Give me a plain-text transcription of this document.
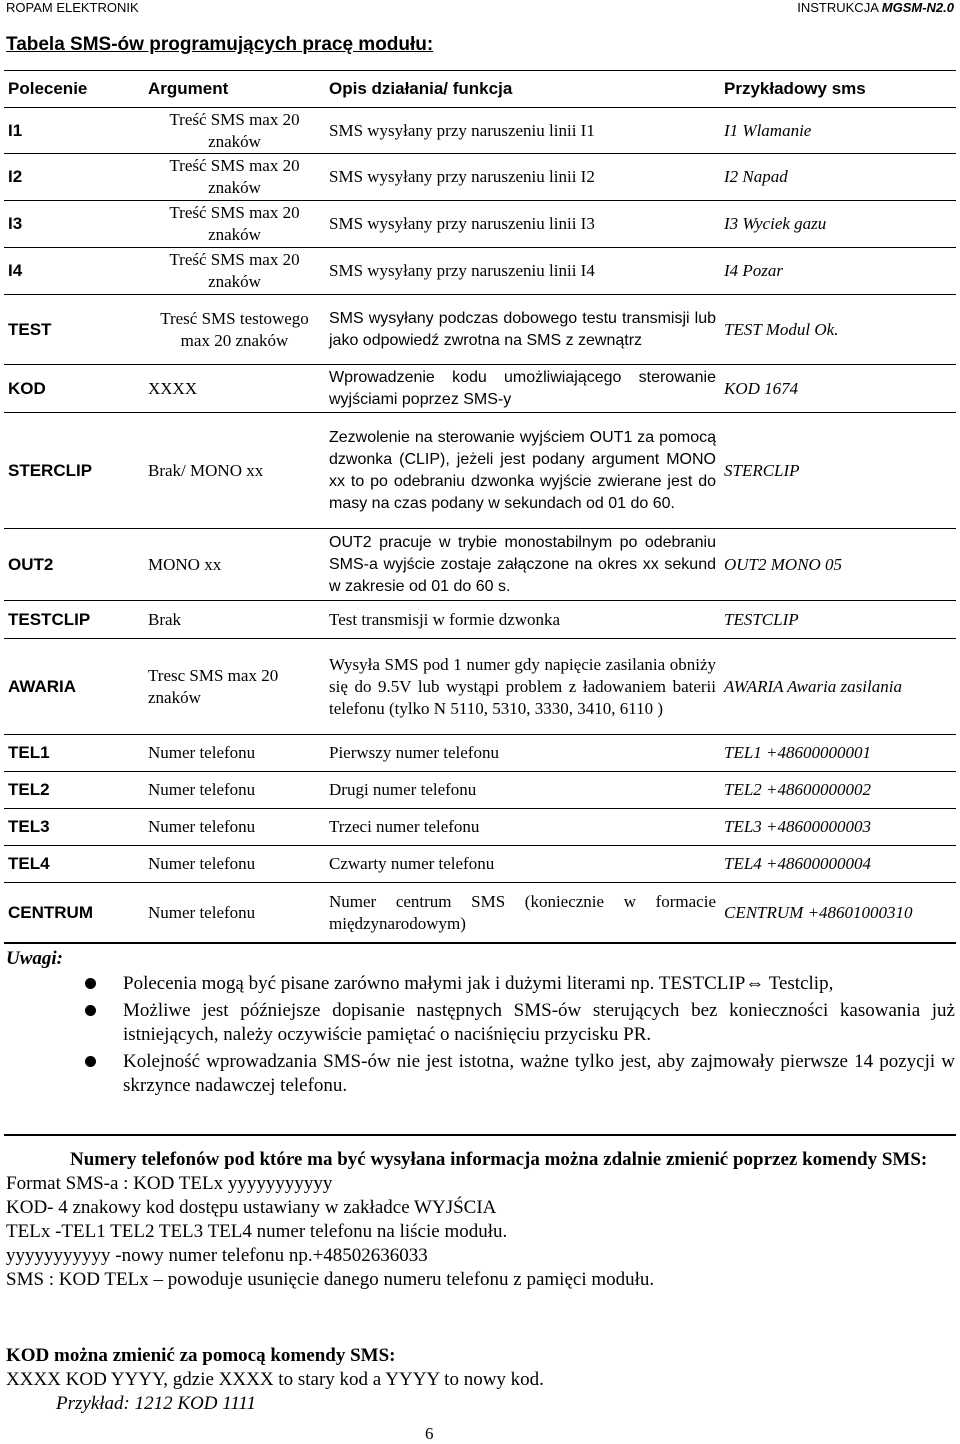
ROPAM ELEKTRONIK	INSTRUKCJA MGSM-N2.0
Tabela SMS-ów programujących pracę modułu:
Polecenie	Argument	Opis działania/ funkcja	Przykładowy sms
I1	Treść SMS max 20 znaków	SMS wysyłany przy naruszeniu linii I1	I1 Wlamanie
I2	Treść SMS max 20 znaków	SMS wysyłany przy naruszeniu linii I2	I2 Napad
I3	Treść SMS max 20 znaków	SMS wysyłany przy naruszeniu linii I3	I3 Wyciek gazu
I4	Treść SMS max 20 znaków	SMS wysyłany przy naruszeniu linii I4	I4 Pozar
TEST	Tresć SMS testowego max 20 znaków	SMS wysyłany podczas dobowego testu transmisji lub jako odpowiedź zwrotna na SMS z zewnątrz	TEST Modul Ok.
KOD	XXXX	Wprowadzenie kodu umożliwiającego sterowanie wyjściami poprzez SMS-y	KOD 1674
STERCLIP	Brak/ MONO xx	Zezwolenie na sterowanie wyjściem OUT1 za pomocą dzwonka (CLIP), jeżeli jest podany argument MONO xx to po odebraniu dzwonka wyjście zwierane jest do masy na czas podany w sekundach od 01 do 60.	STERCLIP
OUT2	MONO xx	OUT2 pracuje w trybie monostabilnym po odebraniu SMS-a wyjście zostaje załączone na okres xx sekund w zakresie od 01 do 60 s.	OUT2 MONO 05
TESTCLIP	Brak	Test transmisji w formie dzwonka	TESTCLIP
AWARIA	Tresc SMS max 20 znaków	Wysyła SMS pod 1 numer gdy napięcie zasilania obniży się do 9.5V lub wystąpi problem z ładowaniem baterii telefonu (tylko N 5110, 5310, 3330, 3410, 6110 )	AWARIA Awaria zasilania
TEL1	Numer telefonu	Pierwszy numer telefonu	TEL1 +48600000001
TEL2	Numer telefonu	Drugi numer telefonu	TEL2 +48600000002
TEL3	Numer telefonu	Trzeci numer telefonu	TEL3 +48600000003
TEL4	Numer telefonu	Czwarty numer telefonu	TEL4 +48600000004
CENTRUM	Numer telefonu	Numer centrum SMS (koniecznie w formacie międzynarodowym)	CENTRUM +48601000310
Uwagi:
Polecenia mogą być pisane zarówno małymi jak i dużymi literami np. TESTCLIP⇔ Testclip,
Możliwe jest późniejsze dopisanie następnych SMS-ów sterujących bez konieczności kasowania już istniejących, należy oczywiście pamiętać o naciśnięciu przycisku PR.
Kolejność wprowadzania SMS-ów nie jest istotna, ważne tylko jest, aby zajmowały pierwsze 14 pozycji w skrzynce nadawczej telefonu.

Numery telefonów pod które ma być wysyłana informacja można zdalnie zmienić poprzez komendy SMS:

Format SMS-a : KOD TELx yyyyyyyyyyy

KOD- 4 znakowy kod dostępu ustawiany w zakładce WYJŚCIA

TELx -TEL1 TEL2 TEL3 TEL4 numer telefonu na liście modułu.

yyyyyyyyyyy -nowy numer telefonu np.+48502636033

SMS : KOD TELx – powoduje usunięcie danego numeru telefonu z pamięci modułu.

KOD można zmienić za pomocą komendy SMS:

XXXX KOD YYYY, gdzie XXXX to stary kod a YYYY to nowy kod.

Przykład: 1212 KOD 1111

6
